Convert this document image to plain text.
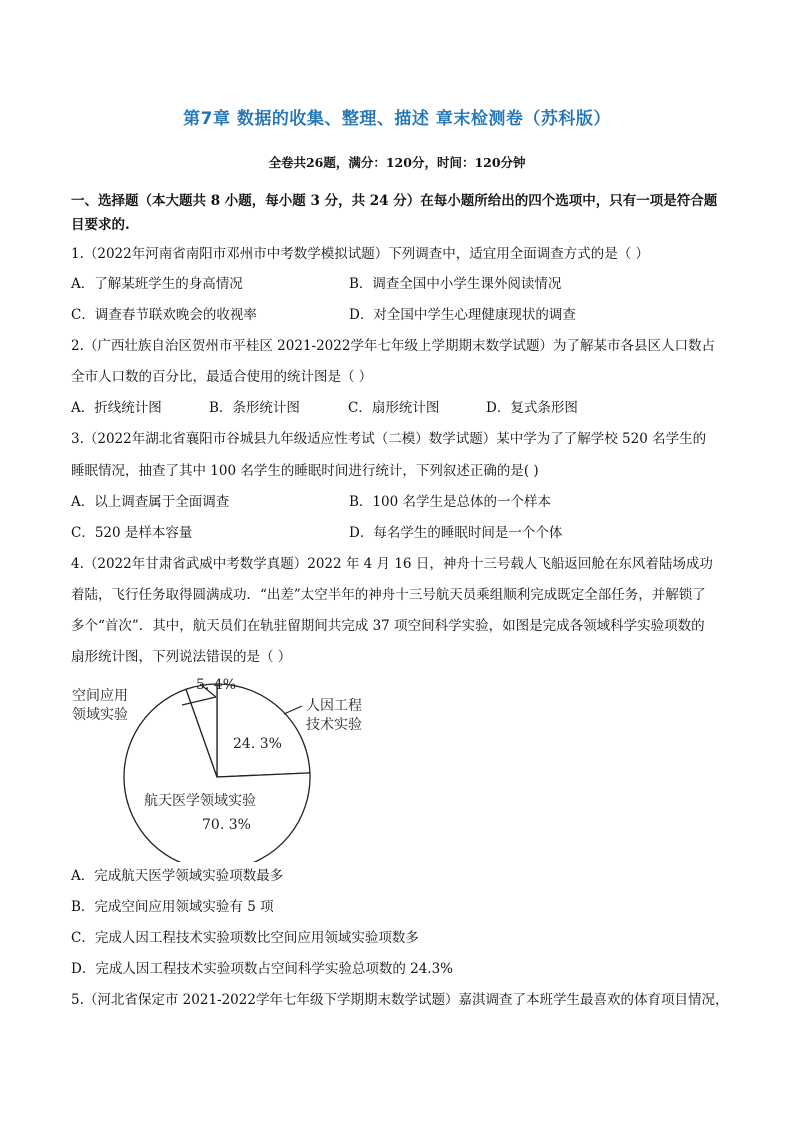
第7章 数据的收集、整理、描述 章末检测卷（苏科版）
全卷共26题，满分：120分，时间：120分钟
一、选择题（本大题共 8 小题，每小题 3 分，共 24 分）在每小题所给出的四个选项中，只有一项是符合题
目要求的.
1.（2022年河南省南阳市邓州市中考数学模拟试题）下列调查中，适宜用全面调查方式的是（ ）
A．了解某班学生的身高情况	B．调查全国中小学生课外阅读情况
C．调查春节联欢晚会的收视率	D．对全国中学生心理健康现状的调查
2.（广西壮族自治区贺州市平桂区 2021-2022学年七年级上学期期末数学试题）为了解某市各县区人口数占
全市人口数的百分比，最适合使用的统计图是（ ）
A．折线统计图	B．条形统计图	C．扇形统计图	D．复式条形图
3.（2022年湖北省襄阳市谷城县九年级适应性考试（二模）数学试题）某中学为了了解学校 520 名学生的
睡眠情况，抽查了其中 100 名学生的睡眠时间进行统计，下列叙述正确的是( )
A．以上调查属于全面调查	B．100 名学生是总体的一个样本
C．520 是样本容量	D．每名学生的睡眠时间是一个个体
4.（2022年甘肃省武威中考数学真题）2022 年 4 月 16 日，神舟十三号载人飞船返回舱在东风着陆场成功
着陆，飞行任务取得圆满成功．“出差”太空半年的神舟十三号航天员乘组顺利完成既定全部任务，并解锁了
多个“首次”．其中，航天员们在轨驻留期间共完成 37 项空间科学实验，如图是完成各领域科学实验项数的
扇形统计图，下列说法错误的是（ ）
空间应用
领域实验
5. 4%
人因工程
技术实验
24. 3%
航天医学领域实验
70. 3%
A．完成航天医学领域实验项数最多
B．完成空间应用领域实验有 5 项
C．完成人因工程技术实验项数比空间应用领域实验项数多
D．完成人因工程技术实验项数占空间科学实验总项数的 24.3%
5.（河北省保定市 2021-2022学年七年级下学期期末数学试题）嘉淇调查了本班学生最喜欢的体育项目情况，
